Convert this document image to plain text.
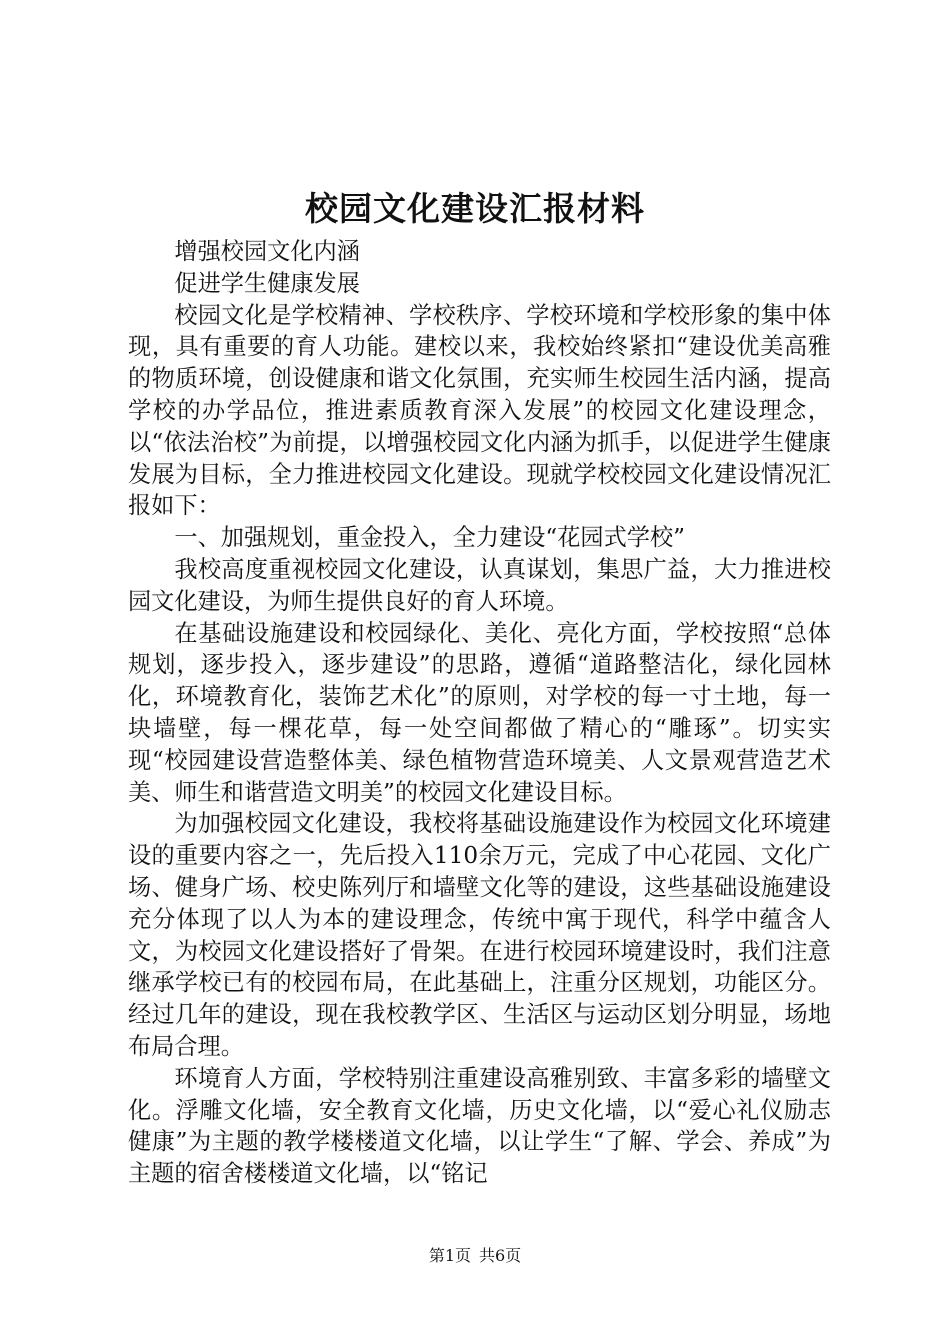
校园文化建设汇报材料

增强校园文化内涵

促进学生健康发展

校园文化是学校精神、学校秩序、学校环境和学校形象的集中体现，具有重要的育人功能。建校以来，我校始终紧扣“建设优美高雅的物质环境，创设健康和谐文化氛围，充实师生校园生活内涵，提高学校的办学品位，推进素质教育深入发展”的校园文化建设理念，以“依法治校”为前提，以增强校园文化内涵为抓手，以促进学生健康发展为目标，全力推进校园文化建设。现就学校校园文化建设情况汇报如下：

一、加强规划，重金投入，全力建设“花园式学校”

我校高度重视校园文化建设，认真谋划，集思广益，大力推进校园文化建设，为师生提供良好的育人环境。

在基础设施建设和校园绿化、美化、亮化方面，学校按照“总体规划，逐步投入，逐步建设”的思路，遵循“道路整洁化，绿化园林化，环境教育化，装饰艺术化”的原则，对学校的每一寸土地，每一块墙壁，每一棵花草，每一处空间都做了精心的“雕琢”。切实实现“校园建设营造整体美、绿色植物营造环境美、人文景观营造艺术美、师生和谐营造文明美”的校园文化建设目标。

为加强校园文化建设，我校将基础设施建设作为校园文化环境建设的重要内容之一，先后投入110余万元，完成了中心花园、文化广场、健身广场、校史陈列厅和墙壁文化等的建设，这些基础设施建设充分体现了以人为本的建设理念，传统中寓于现代，科学中蕴含人文，为校园文化建设搭好了骨架。在进行校园环境建设时，我们注意继承学校已有的校园布局，在此基础上，注重分区规划，功能区分。经过几年的建设，现在我校教学区、生活区与运动区划分明显，场地布局合理。

环境育人方面，学校特别注重建设高雅别致、丰富多彩的墙壁文化。浮雕文化墙，安全教育文化墙，历史文化墙，以“爱心礼仪励志健康”为主题的教学楼楼道文化墙，以让学生“了解、学会、养成”为主题的宿舍楼楼道文化墙，以“铭记

第1页 共6页
